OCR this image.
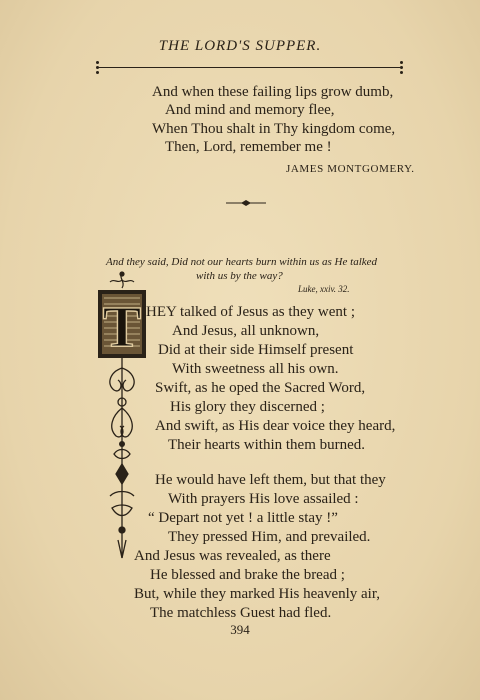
THE LORD'S SUPPER.
And when these failing lips grow dumb,
And mind and memory flee,
When Thou shalt in Thy kingdom come,
Then, Lord, remember me !
JAMES MONTGOMERY.
And they said, Did not our hearts burn within us as He talked
with us by the way?
Luke, xxiv. 32.
T HEY talked of Jesus as they went ;
And Jesus, all unknown,
Did at their side Himself present
With sweetness all his own.
Swift, as he oped the Sacred Word,
His glory they discerned ;
And swift, as His dear voice they heard,
Their hearts within them burned.
He would have left them, but that they
With prayers His love assailed :
“ Depart not yet ! a little stay !”
They pressed Him, and prevailed.
And Jesus was revealed, as there
He blessed and brake the bread ;
But, while they marked His heavenly air,
The matchless Guest had fled.
394
